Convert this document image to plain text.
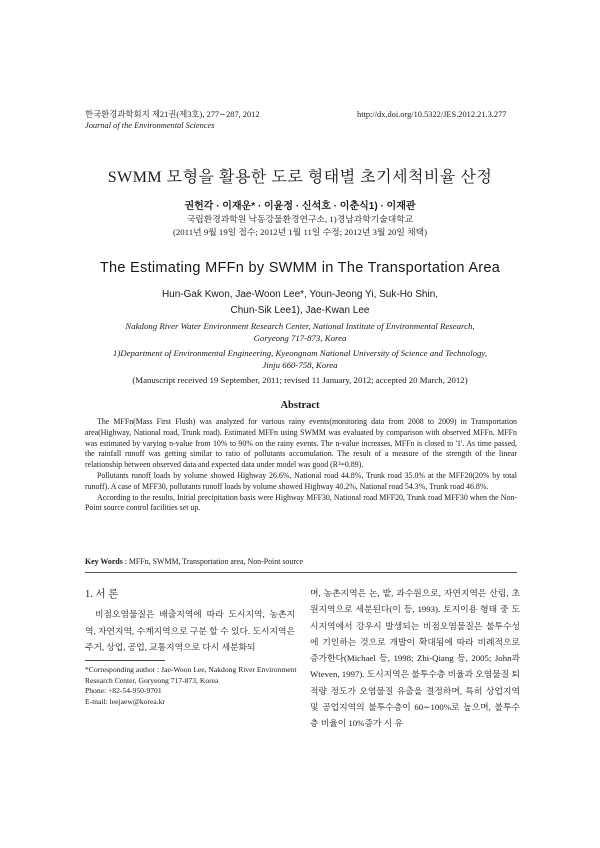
한국환경과학회지 제21권(제3호), 277∼287, 2012
Journal of the Environmental Sciences
http://dx.doi.org/10.5322/JES.2012.21.3.277
SWMM 모형을 활용한 도로 형태별 초기세척비율 산정
권헌각 · 이재운* · 이윤정 · 신석호 · 이춘식1) · 이재관
국립환경과학원 낙동강물환경연구소, 1)경남과학기술대학교
(2011년 9월 19일 접수; 2012년 1월 11일 수정; 2012년 3월 20일 채택)
The Estimating MFFn by SWMM in The Transportation Area
Hun-Gak Kwon, Jae-Woon Lee*, Youn-Jeong Yi, Suk-Ho Shin,
Chun-Sik Lee1), Jae-Kwan Lee
Nakdong River Water Environment Research Center, National Institute of Environmental Research,
Goryeong 717-873, Korea
1)Department of Environmental Engineering, Kyeongnam National University of Science and Technology,
Jinju 660-758, Korea
(Manuscript received 19 September, 2011; revised 11 January, 2012; accepted 20 March, 2012)
Abstract

The MFFn(Mass First Flush) was analyzed for various rainy events(monitoring data from 2008 to 2009) in Transportation area(Highway, National road, Trunk road). Estimated MFFn using SWMM was evaluated by comparison with observed MFFn. MFFn was estimated by varying n-value from 10% to 90% on the rainy events. The n-value increases, MFFn is closed to '1'. As time passed, the rainfall runoff was getting similar to ratio of pollutants accumulation. The result of a measure of the strength of the linear relationship between observed data and expected data under model was good (R²=0.89).

Pollutants runoff loads by volume showed Highway 26.6%, National road 44.8%, Trunk road 35.0% at the MFF20(20% by total runoff). A case of MFF30, pollutants runoff loads by volume showed Highway 40.2%, National road 54.3%, Trunk road 46.8%.

According to the results, Initial precipitation basis were Highway MFF30, National road MFF20, Trunk road MFF30 when the Non-Point source control facilities set up.

Key Words : MFFn, SWMM, Transportation area, Non-Point source
1. 서 론

비점오염물질은 배출지역에 따라 도시지역, 농촌지역, 자연지역, 수계지역으로 구분 할 수 있다. 도시지역은 주거, 상업, 공업, 교통지역으로 다시 세분화되

*Corresponding author : Jae-Woon Lee, Nakdong River Environment Research Center, Goryeong 717-873, Korea
Phone: +82-54-950-9701
E-mail: leejaew@korea.kr

며, 농촌지역은 논, 밭, 과수원으로, 자연지역은 산림, 초원지역으로 세분된다(이 등, 1993). 토지이용 형태 중 도시지역에서 강우시 발생되는 비점오염물질은 불투수성에 기인하는 것으로 개발이 확대됨에 따라 비례적으로 증가한다(Michael 등, 1998; Zhi-Qiang 등, 2005; John과 Wteven, 1997). 도시지역은 불투수층 비율과 오염물질 퇴적량 정도가 오염물질 유출을 결정하며, 특히 상업지역 및 공업지역의 불투수층이 60∼100%로 높으며, 불투수층 비율이 10%증가 시 유
